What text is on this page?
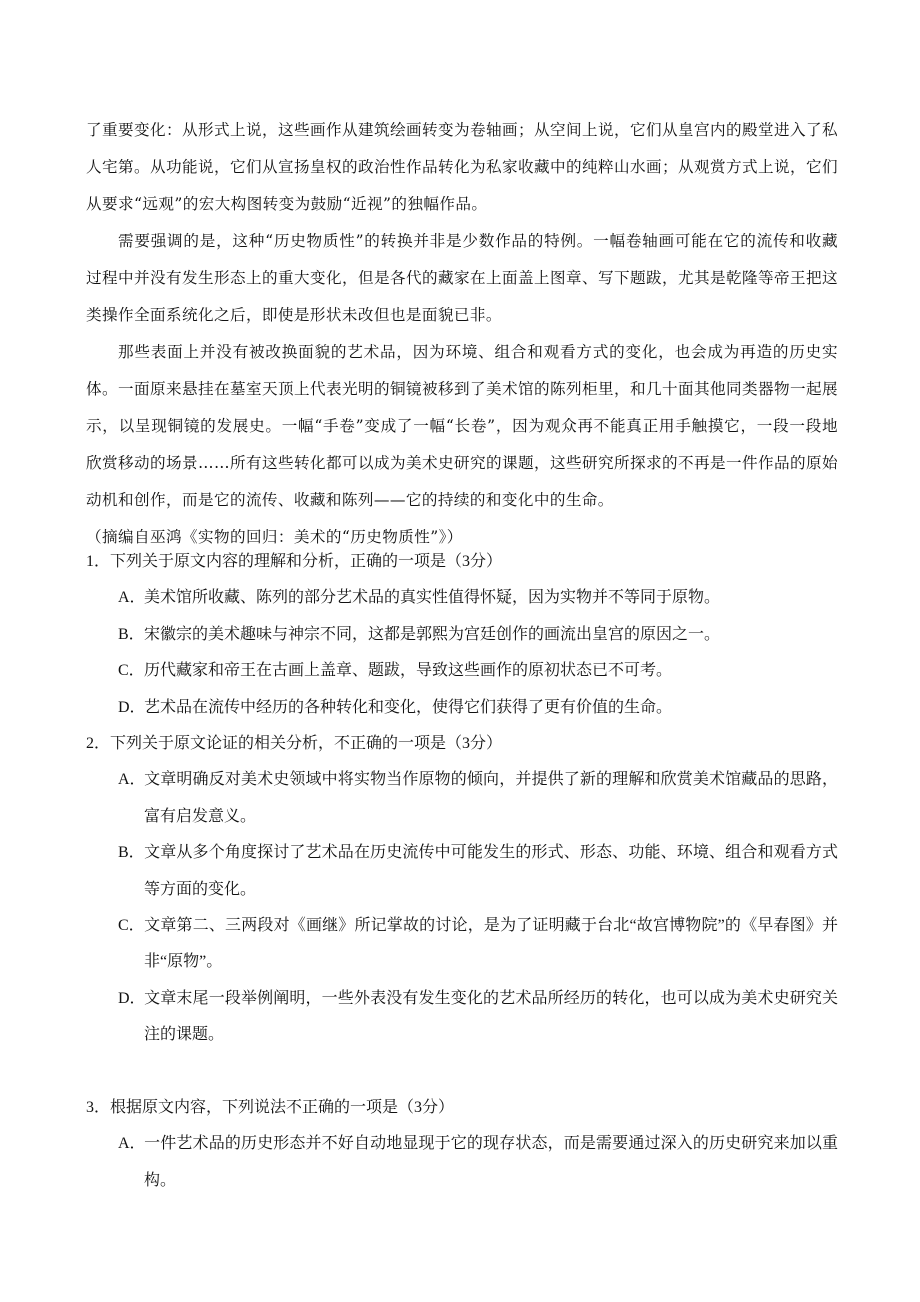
了重要变化：从形式上说，这些画作从建筑绘画转变为卷轴画；从空间上说，它们从皇宫内的殿堂进入了私人宅第。从功能说，它们从宣扬皇权的政治性作品转化为私家收藏中的纯粹山水画；从观赏方式上说，它们从要求“远观”的宏大构图转变为鼓励“近视”的独幅作品。

需要强调的是，这种“历史物质性”的转换并非是少数作品的特例。一幅卷轴画可能在它的流传和收藏过程中并没有发生形态上的重大变化，但是各代的藏家在上面盖上图章、写下题跋，尤其是乾隆等帝王把这类操作全面系统化之后，即使是形状未改但也是面貌已非。

那些表面上并没有被改换面貌的艺术品，因为环境、组合和观看方式的变化，也会成为再造的历史实体。一面原来悬挂在墓室天顶上代表光明的铜镜被移到了美术馆的陈列柜里，和几十面其他同类器物一起展示，以呈现铜镜的发展史。一幅“手卷”变成了一幅“长卷”，因为观众再不能真正用手触摸它，一段一段地欣赏移动的场景……所有这些转化都可以成为美术史研究的课题，这些研究所探求的不再是一件作品的原始动机和创作，而是它的流传、收藏和陈列——它的持续的和变化中的生命。

（摘编自巫鸿《实物的回归：美术的“历史物质性”》）

1．下列关于原文内容的理解和分析，正确的一项是（3分）

A．美术馆所收藏、陈列的部分艺术品的真实性值得怀疑，因为实物并不等同于原物。

B．宋徽宗的美术趣味与神宗不同，这都是郭熙为宫廷创作的画流出皇宫的原因之一。

C．历代藏家和帝王在古画上盖章、题跋，导致这些画作的原初状态已不可考。

D．艺术品在流传中经历的各种转化和变化，使得它们获得了更有价值的生命。

2．下列关于原文论证的相关分析，不正确的一项是（3分）

A．文章明确反对美术史领域中将实物当作原物的倾向，并提供了新的理解和欣赏美术馆藏品的思路，富有启发意义。

B．文章从多个角度探讨了艺术品在历史流传中可能发生的形式、形态、功能、环境、组合和观看方式等方面的变化。

C．文章第二、三两段对《画继》所记掌故的讨论，是为了证明藏于台北“故宫博物院”的《早春图》并非“原物”。

D．文章末尾一段举例阐明，一些外表没有发生变化的艺术品所经历的转化，也可以成为美术史研究关注的课题。

3．根据原文内容，下列说法不正确的一项是（3分）

A．一件艺术品的历史形态并不好自动地显现于它的现存状态，而是需要通过深入的历史研究来加以重构。
